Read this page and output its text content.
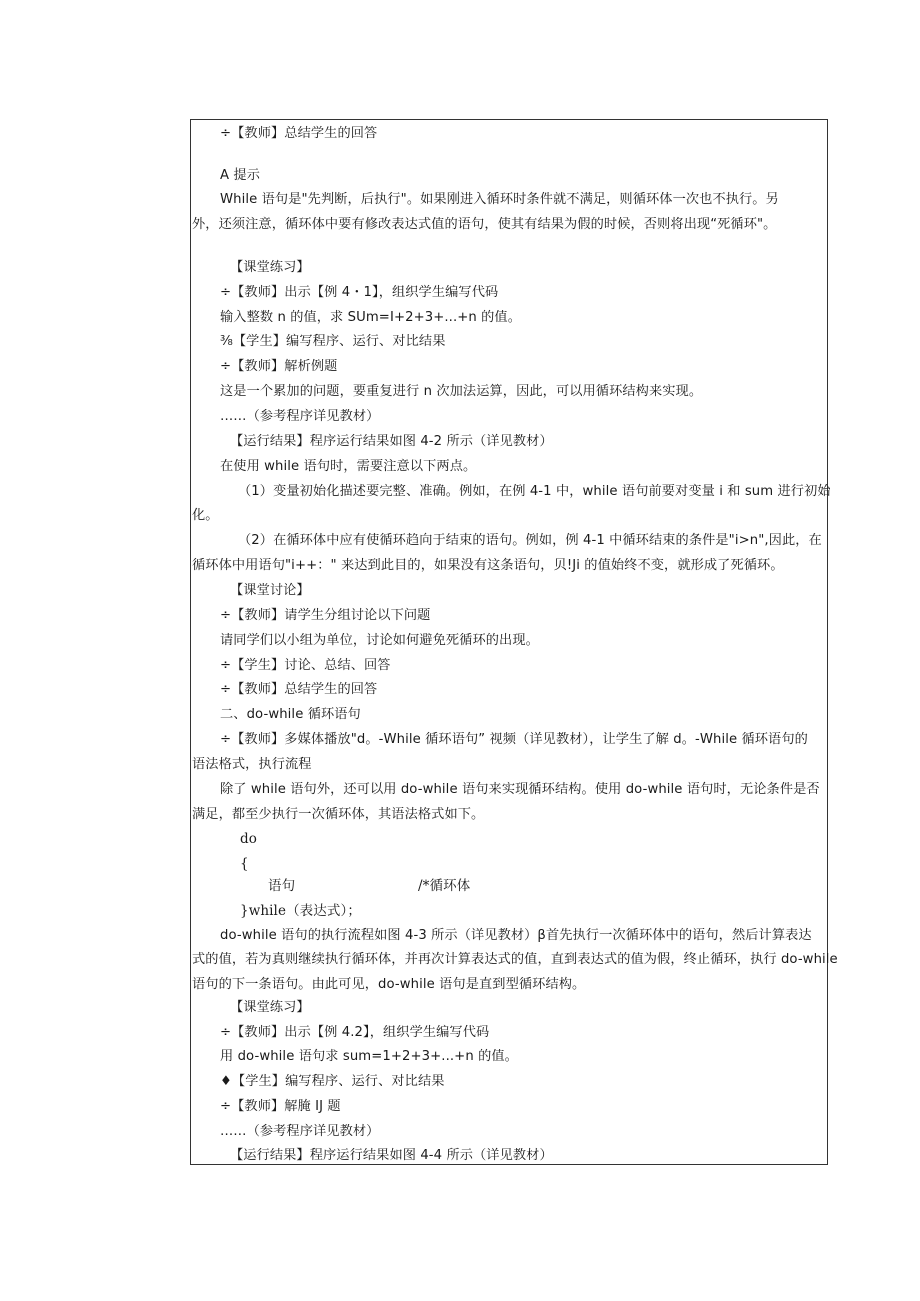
÷【教师】总结学生的回答
A 提示
While 语句是"先判断，后执行"。如果刚进入循环时条件就不满足，则循环体一次也不执行。另
外，还须注意，循环体中要有修改表达式值的语句，使其有结果为假的时候，否则将出现“死循环"。
【课堂练习】
÷【教师】出示【例 4・1】，组织学生编写代码
输入整数 n 的值，求 SUm=I+2+3+...+n 的值。
⅜【学生】编写程序、运行、对比结果
÷【教师】解析例题
这是一个累加的问题，要重复进行 n 次加法运算，因此，可以用循环结构来实现。
……（参考程序详见教材）
【运行结果】程序运行结果如图 4-2 所示（详见教材）
在使用 while 语句时，需要注意以下两点。
（1）变量初始化描述要完整、准确。例如，在例 4-1 中，while 语句前要对变量 i 和 sum 进行初始
化。
（2）在循环体中应有使循环趋向于结束的语句。例如，例 4-1 中循环结束的条件是"i>n",因此，在
循环体中用语句"i++：" 来达到此目的，如果没有这条语句，贝!Ji 的值始终不变，就形成了死循环。
【课堂讨论】
÷【教师】请学生分组讨论以下问题
请同学们以小组为单位，讨论如何避免死循环的出现。
÷【学生】讨论、总结、回答
÷【教师】总结学生的回答
二、do-while 循环语句
÷【教师】多媒体播放"d。-While 循环语句” 视频（详见教材），让学生了解 d。-While 循环语句的
语法格式，执行流程
除了 while 语句外，还可以用 do-while 语句来实现循环结构。使用 do-while 语句时，无论条件是否
满足，都至少执行一次循环体，其语法格式如下。
do
{
语句	/*循环体
}while（表达式）；
do-while 语句的执行流程如图 4-3 所示（详见教材）β首先执行一次循环体中的语句，然后计算表达
式的值，若为真则继续执行循环体，并再次计算表达式的值，直到表达式的值为假，终止循环，执行 do-while
语句的下一条语句。由此可见，do-while 语句是直到型循环结构。
【课堂练习】
÷【教师】出示【例 4.2】，组织学生编写代码
用 do-while 语句求 sum=1+2+3+...+n 的值。
♦【学生】编写程序、运行、对比结果
÷【教师】解腌 IJ 题
……（参考程序详见教材）
【运行结果】程序运行结果如图 4-4 所示（详见教材）
